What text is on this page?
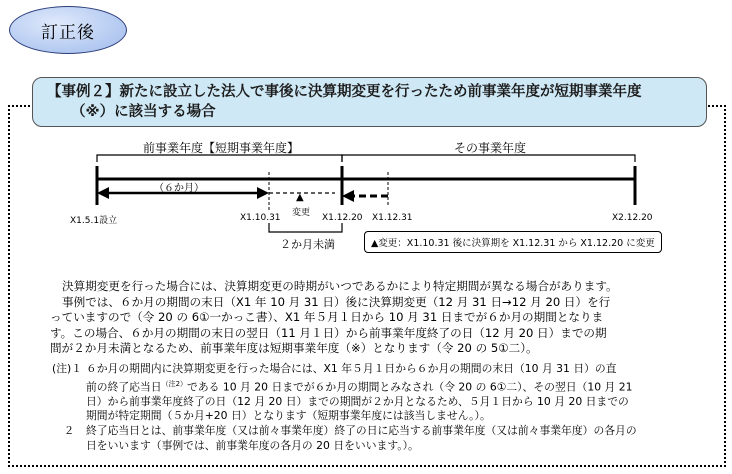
訂正後
【事例２】新たに設立した法人で事後に決算期変更を行ったため前事業年度が短期事業年度
（※）に該当する場合
前事業年度【短期事業年度】	その事業年度
（６か月）
▲
変更
X1.5.1設立	X1.10.31	X1.12.20 X1.12.31	X2.12.20
２か月未満	▲変更：X1.10.31 後に決算期を X1.12.31 から X1.12.20 に変更

決算期変更を行った場合には、決算期変更の時期がいつであるかにより特定期間が異なる場合があります。

事例では、６か月の期間の末日（X1 年 10 月 31 日）後に決算期変更（12 月 31 日→12 月 20 日）を行

っていますので（令 20 の 6①一かっこ書）、X1 年５月１日から 10 月 31 日までが６か月の期間となりま

す。この場合、６か月の期間の末日の翌日（11 月１日）から前事業年度終了の日（12 月 20 日）までの期

間が２か月未満となるため、前事業年度は短期事業年度（※）となります（令 20 の 5①二）。

(注)１ ６か月の期間内に決算期変更を行った場合には、X1 年５月１日から６か月の期間の末日（10 月 31 日）の直
前の終了応当日$^{(注2)}$である 10 月 20 日までが６か月の期間とみなされ（令 20 の 6①二）、その翌日（10 月 21
日）から前事業年度終了の日（12 月 20 日）までの期間が２か月となるため、５月１日から 10 月 20 日までの
期間が特定期間（５か月+20 日）となります（短期事業年度には該当しません。）。
２	終了応当日とは、前事業年度（又は前々事業年度）終了の日に応当する前事業年度（又は前々事業年度）の各月の
日をいいます（事例では、前事業年度の各月の 20 日をいいます。）。
